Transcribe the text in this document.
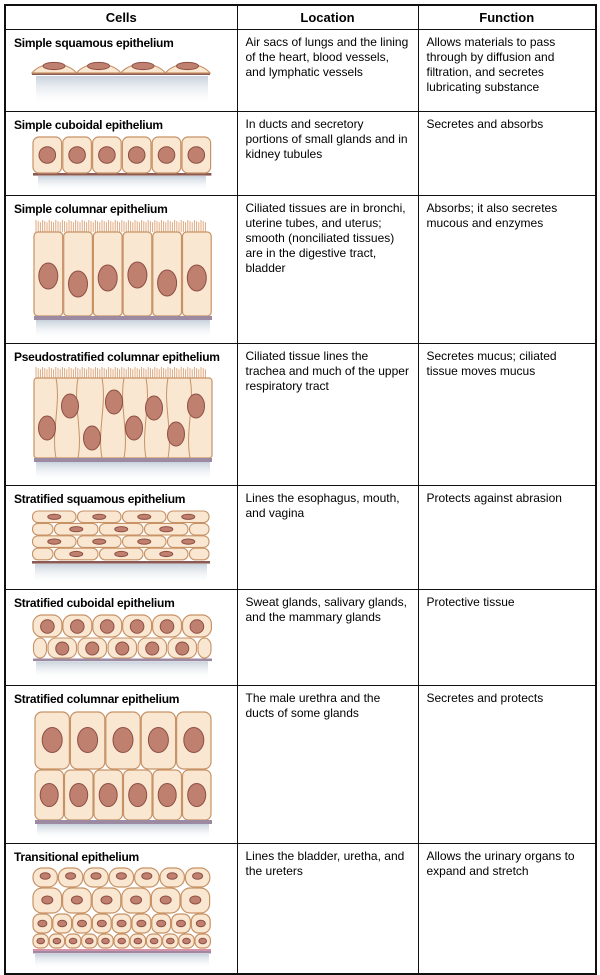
Cells	Location	Function

Simple squamous epithelium	Air sacs of lungs and the lining of the heart, blood vessels, and lymphatic vessels	Allows materials to pass through by diffusion and filtration, and secretes lubricating substance

Simple cuboidal epithelium	In ducts and secretory portions of small glands and in kidney tubules	Secretes and absorbs

Simple columnar epithelium	Ciliated tissues are in bronchi, uterine tubes, and uterus; smooth (nonciliated tissues) are in the digestive tract, bladder	Absorbs; it also secretes mucous and enzymes

Pseudostratified columnar epithelium	Ciliated tissue lines the trachea and much of the upper respiratory tract	Secretes mucus; ciliated tissue moves mucus

Stratified squamous epithelium	Lines the esophagus, mouth, and vagina	Protects against abrasion

Stratified cuboidal epithelium	Sweat glands, salivary glands, and the mammary glands	Protective tissue

Stratified columnar epithelium	The male urethra and the ducts of some glands	Secretes and protects

Transitional epithelium	Lines the bladder, uretha, and the ureters	Allows the urinary organs to expand and stretch
